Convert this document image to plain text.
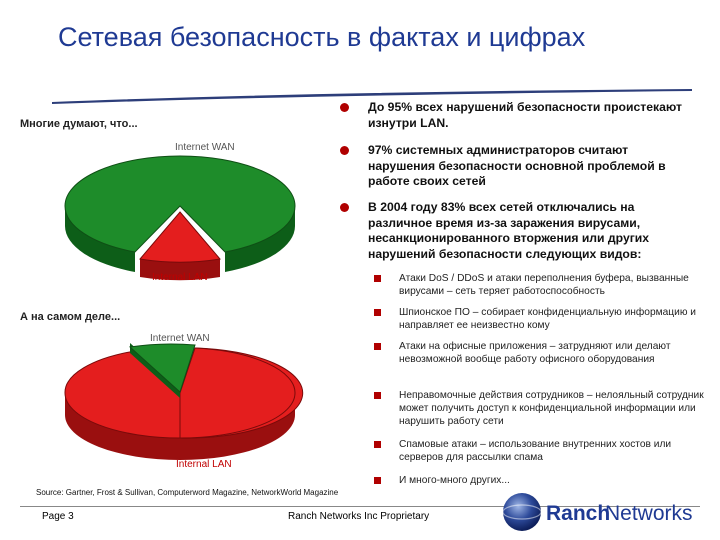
Сетевая безопасность в фактах и цифрах
Многие думают, что...
Internet WAN
Internal LAN
А на самом деле...
Internet WAN
Internal LAN
До 95% всех нарушений безопасности проистекают изнутри LAN.
97% системных администраторов считают нарушения безопасности основной проблемой в работе своих сетей
В 2004 году 83% всех сетей отключались на различное время из-за заражения вирусами, несанкционированного вторжения или других нарушений безопасности следующих видов:
Атаки DoS / DDoS и атаки переполнения буфера, вызванные вирусами – сеть теряет работоспособность
Шпионское ПО – собирает конфиденциальную информацию и направляет ее неизвестно кому
Атаки на офисные приложения – затрудняют или делают невозможной вообще работу офисного оборудования
Неправомочные действия сотрудников – нелояльный сотрудник может получить доступ к конфиденциальной информации или нарушить работу сети
Спамовые атаки – использование внутренних хостов или серверов для рассылки спама
И много-много других...
Source: Gartner, Frost & Sullivan, Computerword Magazine, NetworkWorld Magazine
Page 3	Ranch Networks Inc Proprietary	Ranch
Networks
